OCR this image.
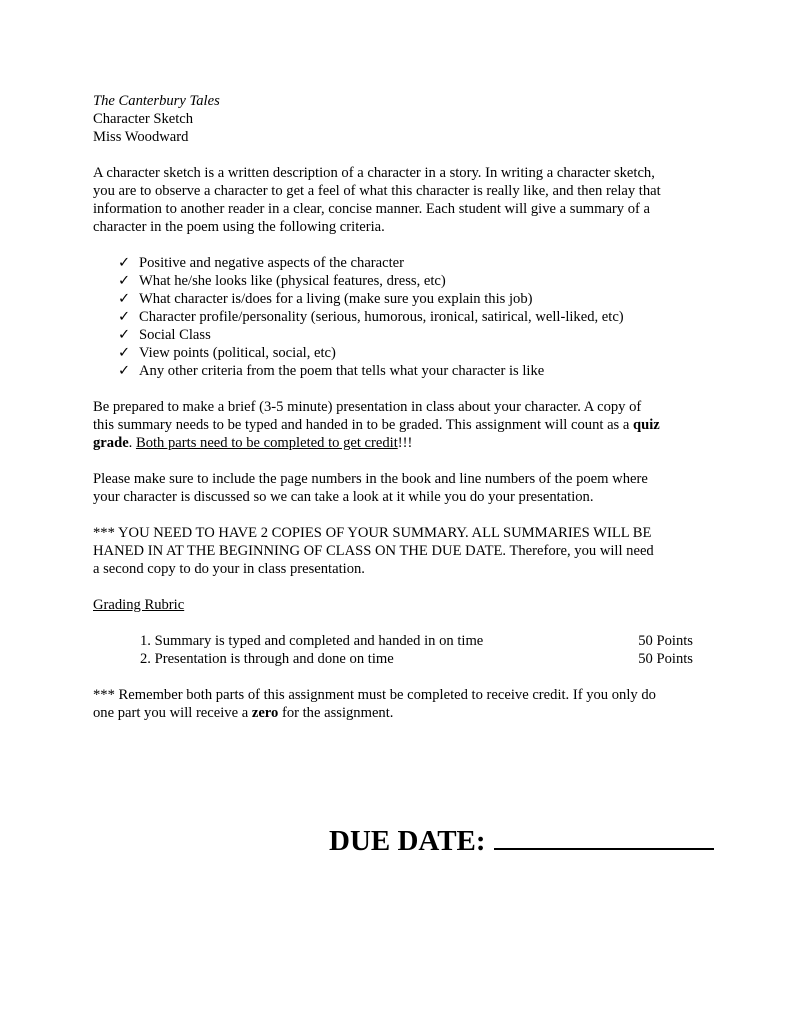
The Canterbury Tales
Character Sketch
Miss Woodward
A character sketch is a written description of a character in a story. In writing a character sketch,
you are to observe a character to get a feel of what this character is really like, and then relay that
information to another reader in a clear, concise manner. Each student will give a summary of a
character in the poem using the following criteria.
✓ Positive and negative aspects of the character
✓ What he/she looks like (physical features, dress, etc)
✓ What character is/does for a living (make sure you explain this job)
✓ Character profile/personality (serious, humorous, ironical, satirical, well-liked, etc)
✓ Social Class
✓ View points (political, social, etc)
✓ Any other criteria from the poem that tells what your character is like
Be prepared to make a brief (3-5 minute) presentation in class about your character. A copy of
this summary needs to be typed and handed in to be graded. This assignment will count as a quiz
grade. Both parts need to be completed to get credit!!!
Please make sure to include the page numbers in the book and line numbers of the poem where
your character is discussed so we can take a look at it while you do your presentation.
*** YOU NEED TO HAVE 2 COPIES OF YOUR SUMMARY. ALL SUMMARIES WILL BE
HANED IN AT THE BEGINNING OF CLASS ON THE DUE DATE. Therefore, you will need
a second copy to do your in class presentation.
Grading Rubric
1. Summary is typed and completed and handed in on time	50 Points
2. Presentation is through and done on time	50 Points
*** Remember both parts of this assignment must be completed to receive credit. If you only do
one part you will receive a zero for the assignment.
DUE DATE:
